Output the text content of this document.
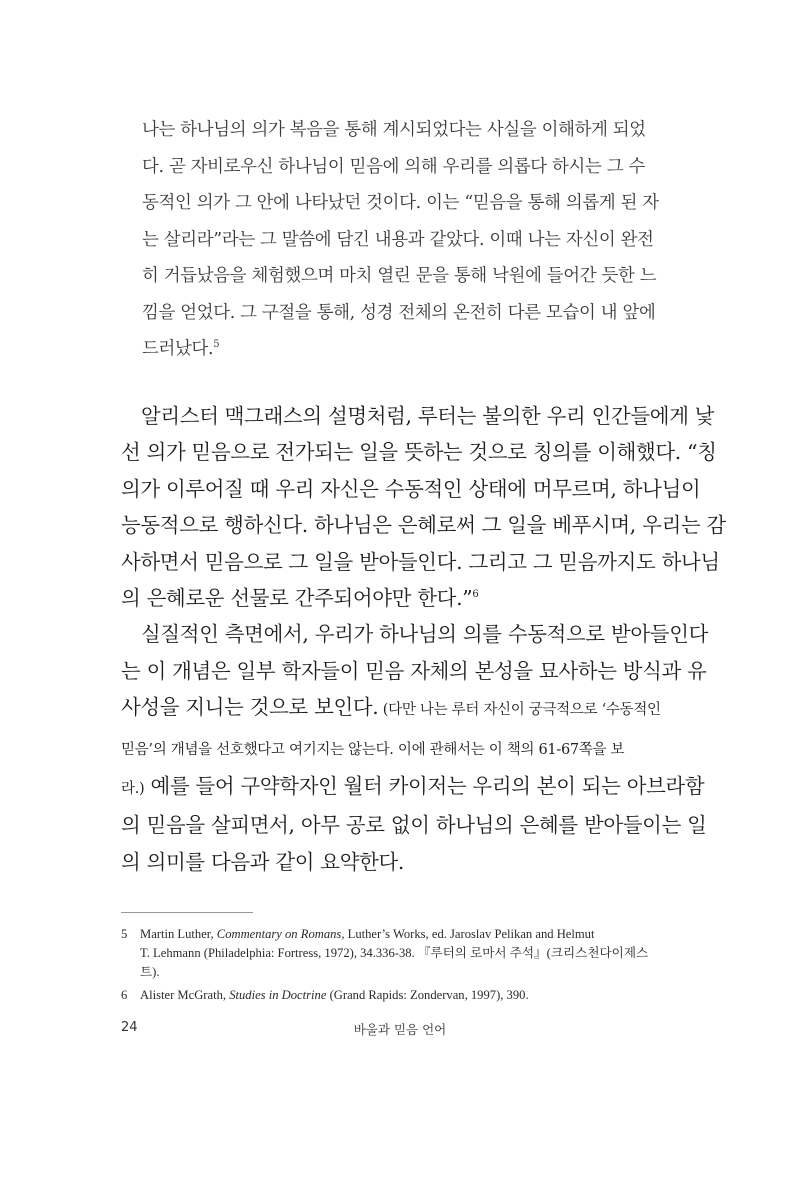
나는 하나님의 의가 복음을 통해 계시되었다는 사실을 이해하게 되었
다. 곧 자비로우신 하나님이 믿음에 의해 우리를 의롭다 하시는 그 수
동적인 의가 그 안에 나타났던 것이다. 이는 “믿음을 통해 의롭게 된 자
는 살리라”라는 그 말씀에 담긴 내용과 같았다. 이때 나는 자신이 완전
히 거듭났음을 체험했으며 마치 열린 문을 통해 낙원에 들어간 듯한 느
낌을 얻었다. 그 구절을 통해, 성경 전체의 온전히 다른 모습이 내 앞에
드러났다.$^5$
알리스터 맥그래스의 설명처럼, 루터는 불의한 우리 인간들에게 낯
선 의가 믿음으로 전가되는 일을 뜻하는 것으로 칭의를 이해했다. “칭
의가 이루어질 때 우리 자신은 수동적인 상태에 머무르며, 하나님이
능동적으로 행하신다. 하나님은 은혜로써 그 일을 베푸시며, 우리는 감
사하면서 믿음으로 그 일을 받아들인다. 그리고 그 믿음까지도 하나님
의 은혜로운 선물로 간주되어야만 한다.”$^6$
실질적인 측면에서, 우리가 하나님의 의를 수동적으로 받아들인다
는 이 개념은 일부 학자들이 믿음 자체의 본성을 묘사하는 방식과 유
사성을 지니는 것으로 보인다. (다만 나는 루터 자신이 궁극적으로 ‘수동적인
믿음’의 개념을 선호했다고 여기지는 않는다. 이에 관해서는 이 책의 61-67쪽을 보
라.) 예를 들어 구약학자인 월터 카이저는 우리의 본이 되는 아브라함
의 믿음을 살피면서, 아무 공로 없이 하나님의 은혜를 받아들이는 일
의 의미를 다음과 같이 요약한다.
5 Martin Luther, Commentary on Romans, Luther’s Works, ed. Jaroslav Pelikan and Helmut
T. Lehmann (Philadelphia: Fortress, 1972), 34.336-38. 『루터의 로마서 주석』(크리스천다이제스
트).
6 Alister McGrath, Studies in Doctrine (Grand Rapids: Zondervan, 1997), 390.
24	바울과 믿음 언어
